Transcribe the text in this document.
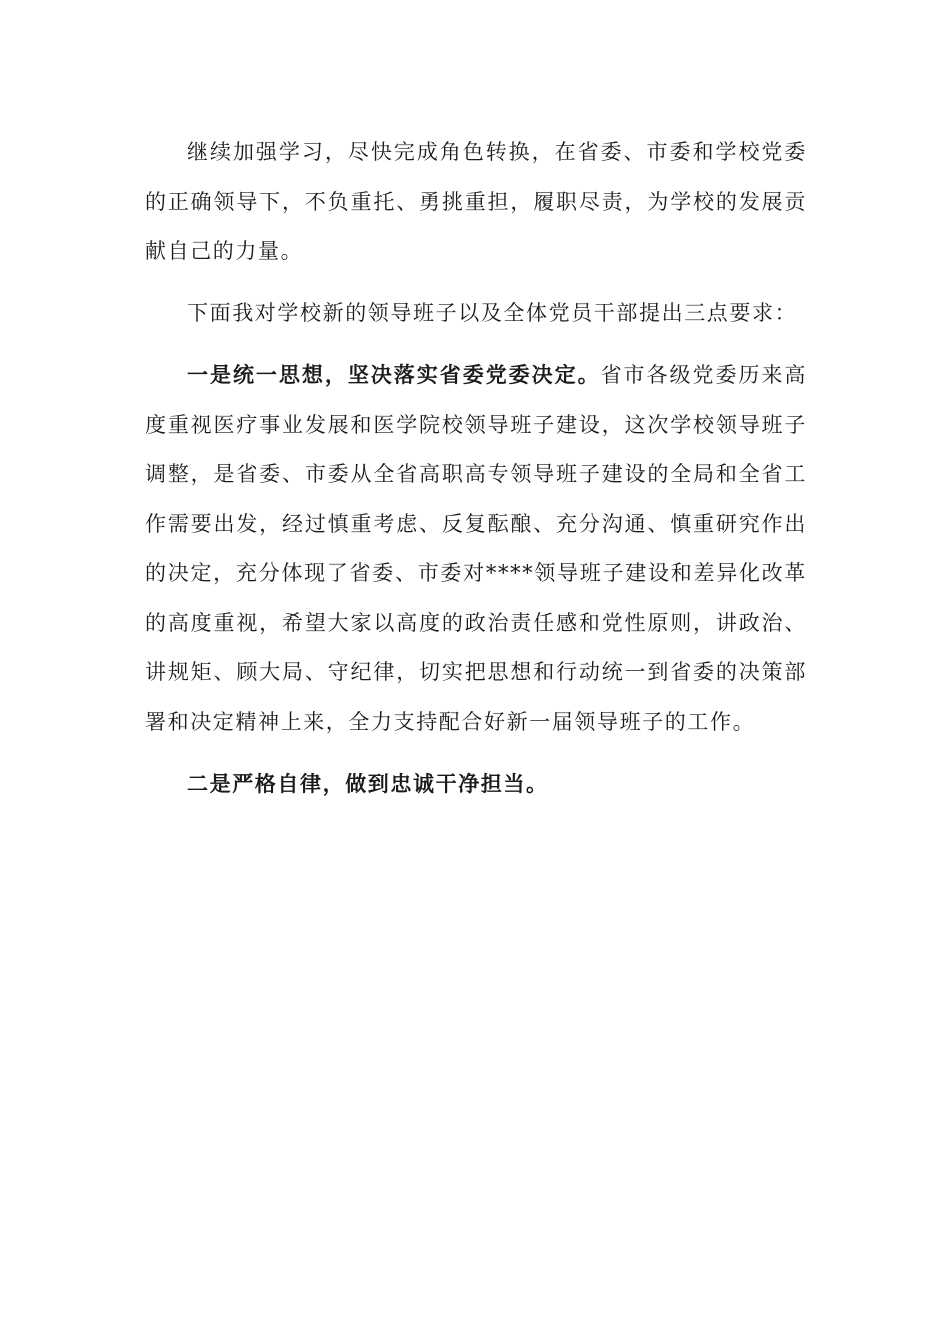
继续加强学习，尽快完成角色转换，在省委、市委和学校党委的正确领导下，不负重托、勇挑重担，履职尽责，为学校的发展贡献自己的力量。

下面我对学校新的领导班子以及全体党员干部提出三点要求：

一是统一思想，坚决落实省委党委决定。省市各级党委历来高度重视医疗事业发展和医学院校领导班子建设，这次学校领导班子调整，是省委、市委从全省高职高专领导班子建设的全局和全省工作需要出发，经过慎重考虑、反复酝酿、充分沟通、慎重研究作出的决定，充分体现了省委、市委对****领导班子建设和差异化改革的高度重视，希望大家以高度的政治责任感和党性原则，讲政治、讲规矩、顾大局、守纪律，切实把思想和行动统一到省委的决策部署和决定精神上来，全力支持配合好新一届领导班子的工作。

二是严格自律，做到忠诚干净担当。
